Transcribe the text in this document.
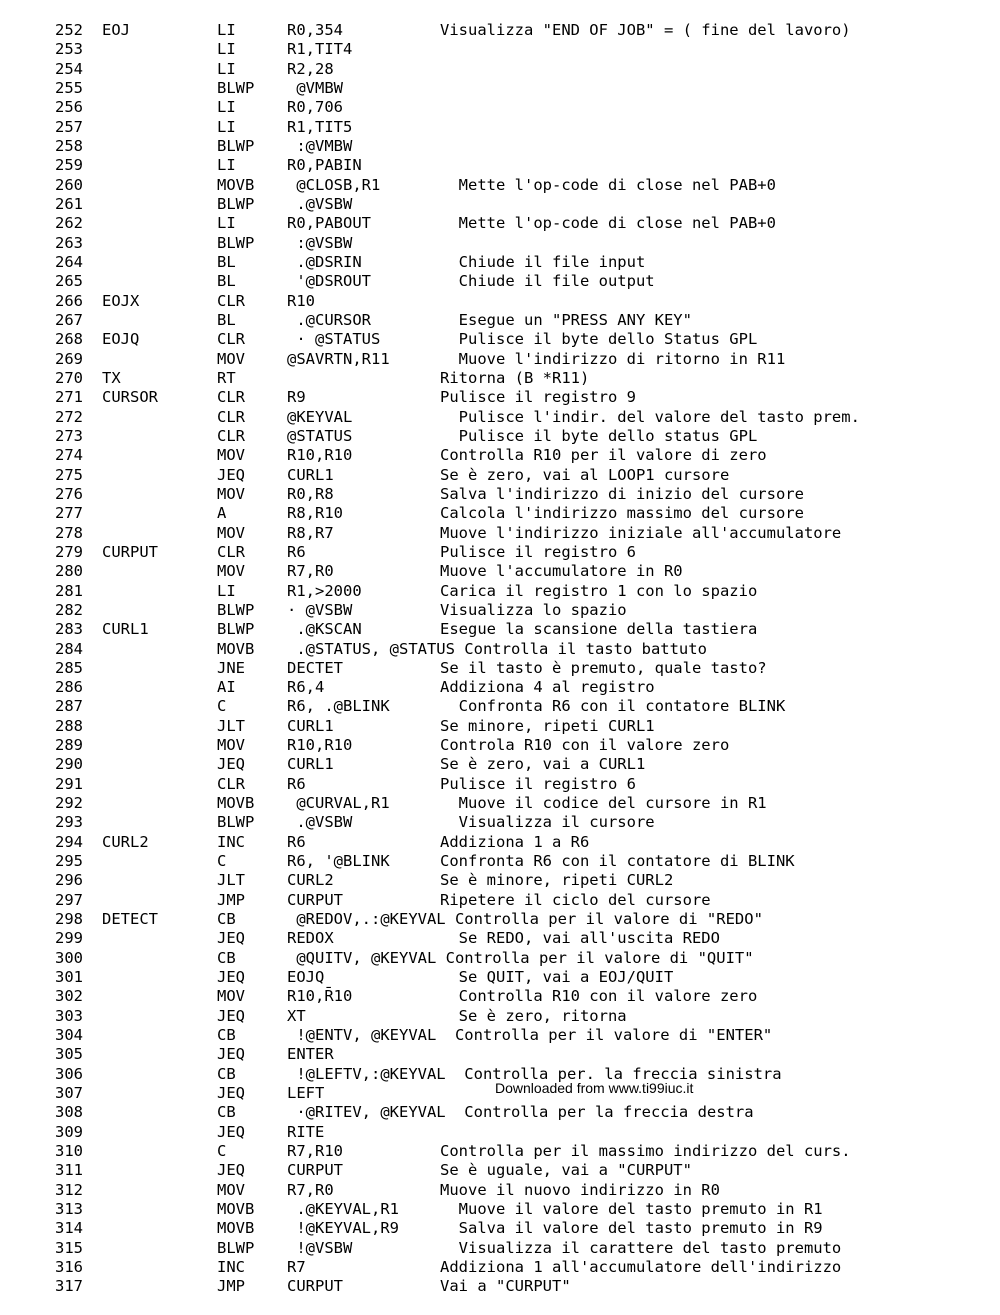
252 EOJ	LI	R0,354	Visualizza "END OF JOB" = ( fine del lavoro)
253	LI	R1,TIT4
254	LI	R2,28
255	BLWP @VMBW
256	LI	R0,706
257	LI	R1,TIT5
258	BLWP :@VMBW
259	LI	R0,PABIN
260	MOVB @CLOSB,R1	Mette l'op-code di close nel PAB+0
261	BLWP .@VSBW
262	LI	R0,PABOUT	Mette l'op-code di close nel PAB+0
263	BLWP :@VSBW
264	BL	.@DSRIN	Chiude il file input
265	BL	'@DSROUT	Chiude il file output
266 EOJX	CLR	R10
267	BL	.@CURSOR	Esegue un "PRESS ANY KEY"
268 EOJQ	CLR	· @STATUS	Pulisce il byte dello Status GPL
269	MOV	@SAVRTN,R11	Muove l'indirizzo di ritorno in R11
270 TX	RT	Ritorna (B *R11)
271 CURSOR	CLR	R9	Pulisce il registro 9
272	CLR	@KEYVAL	Pulisce l'indir. del valore del tasto prem.
273	CLR	@STATUS	Pulisce il byte dello status GPL
274	MOV	R10,R10	Controlla R10 per il valore di zero
275	JEQ	CURL1	Se è zero, vai al LOOP1 cursore
276	MOV	R0,R8	Salva l'indirizzo di inizio del cursore
277	A	R8,R10	Calcola l'indirizzo massimo del cursore
278	MOV	R8,R7	Muove l'indirizzo iniziale all'accumulatore
279 CURPUT	CLR	R6	Pulisce il registro 6
280	MOV	R7,R0	Muove l'accumulatore in R0
281	LI	R1,>2000	Carica il registro 1 con lo spazio
282	BLWP · @VSBW	Visualizza lo spazio
283 CURL1	BLWP .@KSCAN	Esegue la scansione della tastiera
284	MOVB .@STATUS, @STATUS Controlla il tasto battuto
285	JNE	DECTET	Se il tasto è premuto, quale tasto?
286	AI	R6,4	Addiziona 4 al registro
287	C	R6, .@BLINK	Confronta R6 con il contatore BLINK
288	JLT	CURL1	Se minore, ripeti CURL1
289	MOV	R10,R10	Controla R10 con il valore zero
290	JEQ	CURL1	Se è zero, vai a CURL1
291	CLR	R6	Pulisce il registro 6
292	MOVB @CURVAL,R1	Muove il codice del cursore in R1
293	BLWP .@VSBW	Visualizza il cursore
294 CURL2	INC	R6	Addiziona 1 a R6
295	C	R6, '@BLINK	Confronta R6 con il contatore di BLINK
296	JLT	CURL2	Se è minore, ripeti CURL2
297	JMP	CURPUT	Ripetere il ciclo del cursore
298 DETECT	CB	@REDOV,.:@KEYVAL Controlla per il valore di "REDO"
299	JEQ	REDOX	Se REDO, vai all'uscita REDO
300	CB	@QUITV, @KEYVAL Controlla per il valore di "QUIT"
301	JEQ	EOJQ	Se QUIT, vai a EOJ/QUIT
302	MOV	R10,R̄10	Controlla R10 con il valore zero
303	JEQ	XT	Se è zero, ritorna
304	CB	!@ENTV, @KEYVAL  Controlla per il valore di "ENTER"
305	JEQ	ENTER
306	CB	!@LEFTV,:@KEYVAL  Controlla per. la freccia sinistra
307	JEQ	LEFT
308	CB	·@RITEV, @KEYVAL  Controlla per la freccia destra
309	JEQ	RITE
310	C	R7,R10	Controlla per il massimo indirizzo del curs.
311	JEQ	CURPUT	Se è uguale, vai a "CURPUT"
312	MOV	R7,R0	Muove il nuovo indirizzo in R0
313	MOVB .@KEYVAL,R1	Muove il valore del tasto premuto in R1
314	MOVB !@KEYVAL,R9	Salva il valore del tasto premuto in R9
315	BLWP !@VSBW	Visualizza il carattere del tasto premuto
316	INC	R7	Addiziona 1 all'accumulatore dell'indirizzo
317	JMP	CURPUT	Vai a "CURPUT"
Downloaded from www.ti99iuc.it
